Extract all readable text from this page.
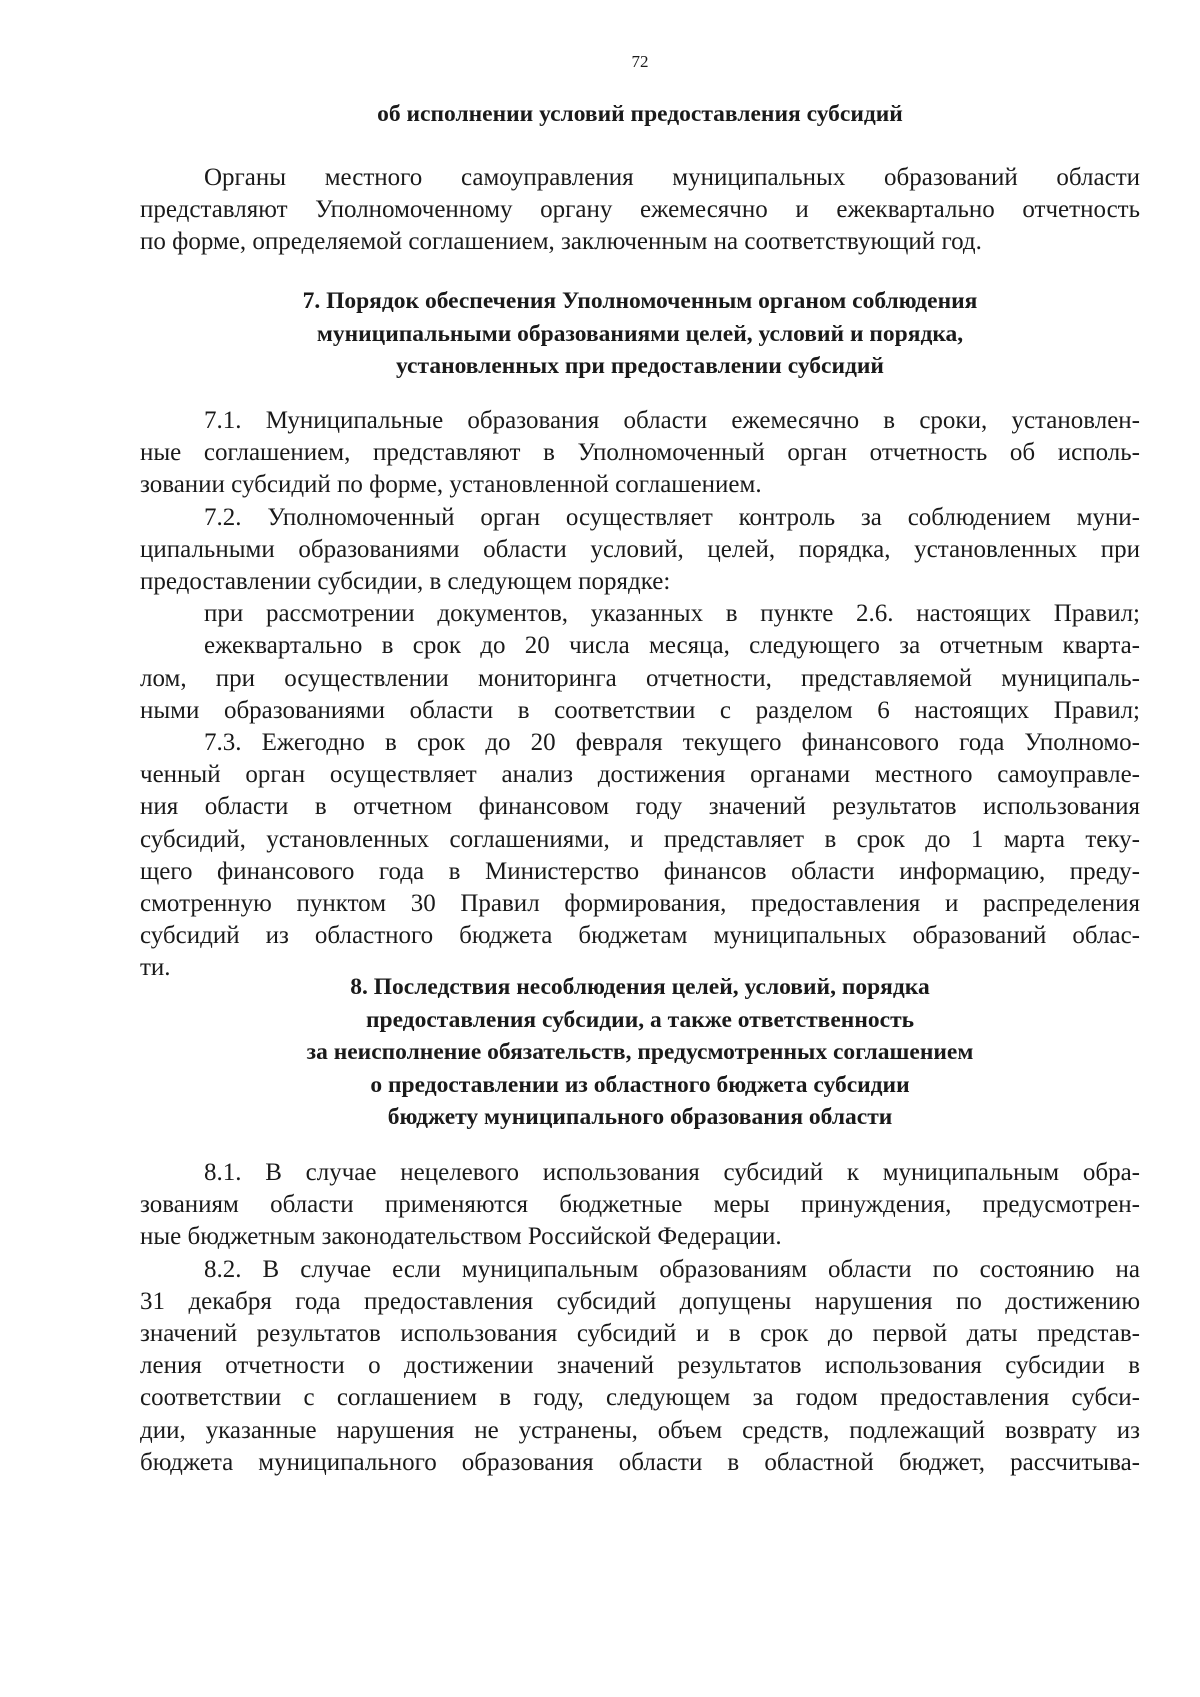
72

об исполнении условий предоставления субсидий

Органы местного самоуправления муниципальных образований области
представляют Уполномоченному органу ежемесячно и ежеквартально отчетность
по форме, определяемой соглашением, заключенным на соответствующий год.

7. Порядок обеспечения Уполномоченным органом соблюдения
муниципальными образованиями целей, условий и порядка,
установленных при предоставлении субсидий

7.1. Муниципальные образования области ежемесячно в сроки, установлен-
ные соглашением, представляют в Уполномоченный орган отчетность об исполь-
зовании субсидий по форме, установленной соглашением.
7.2. Уполномоченный орган осуществляет контроль за соблюдением муни-
ципальными образованиями области условий, целей, порядка, установленных при
предоставлении субсидии, в следующем порядке:
при рассмотрении документов, указанных в пункте 2.6. настоящих Правил;
ежеквартально в срок до 20 числа месяца, следующего за отчетным кварта-
лом, при осуществлении мониторинга отчетности, представляемой муниципаль-
ными образованиями области в соответствии с разделом 6 настоящих Правил;
7.3. Ежегодно в срок до 20 февраля текущего финансового года Уполномо-
ченный орган осуществляет анализ достижения органами местного самоуправле-
ния области в отчетном финансовом году значений результатов использования
субсидий, установленных соглашениями, и представляет в срок до 1 марта теку-
щего финансового года в Министерство финансов области информацию, преду-
смотренную пунктом 30 Правил формирования, предоставления и распределения
субсидий из областного бюджета бюджетам муниципальных образований облас-
ти.

8. Последствия несоблюдения целей, условий, порядка
предоставления субсидии, а также ответственность
за неисполнение обязательств, предусмотренных соглашением
о предоставлении из областного бюджета субсидии
бюджету муниципального образования области

8.1. В случае нецелевого использования субсидий к муниципальным обра-
зованиям области применяются бюджетные меры принуждения, предусмотрен-
ные бюджетным законодательством Российской Федерации.
8.2. В случае если муниципальным образованиям области по состоянию на
31 декабря года предоставления субсидий допущены нарушения по достижению
значений результатов использования субсидий и в срок до первой даты представ-
ления отчетности о достижении значений результатов использования субсидии в
соответствии с соглашением в году, следующем за годом предоставления субси-
дии, указанные нарушения не устранены, объем средств, подлежащий возврату из
бюджета муниципального образования области в областной бюджет, рассчитыва-
